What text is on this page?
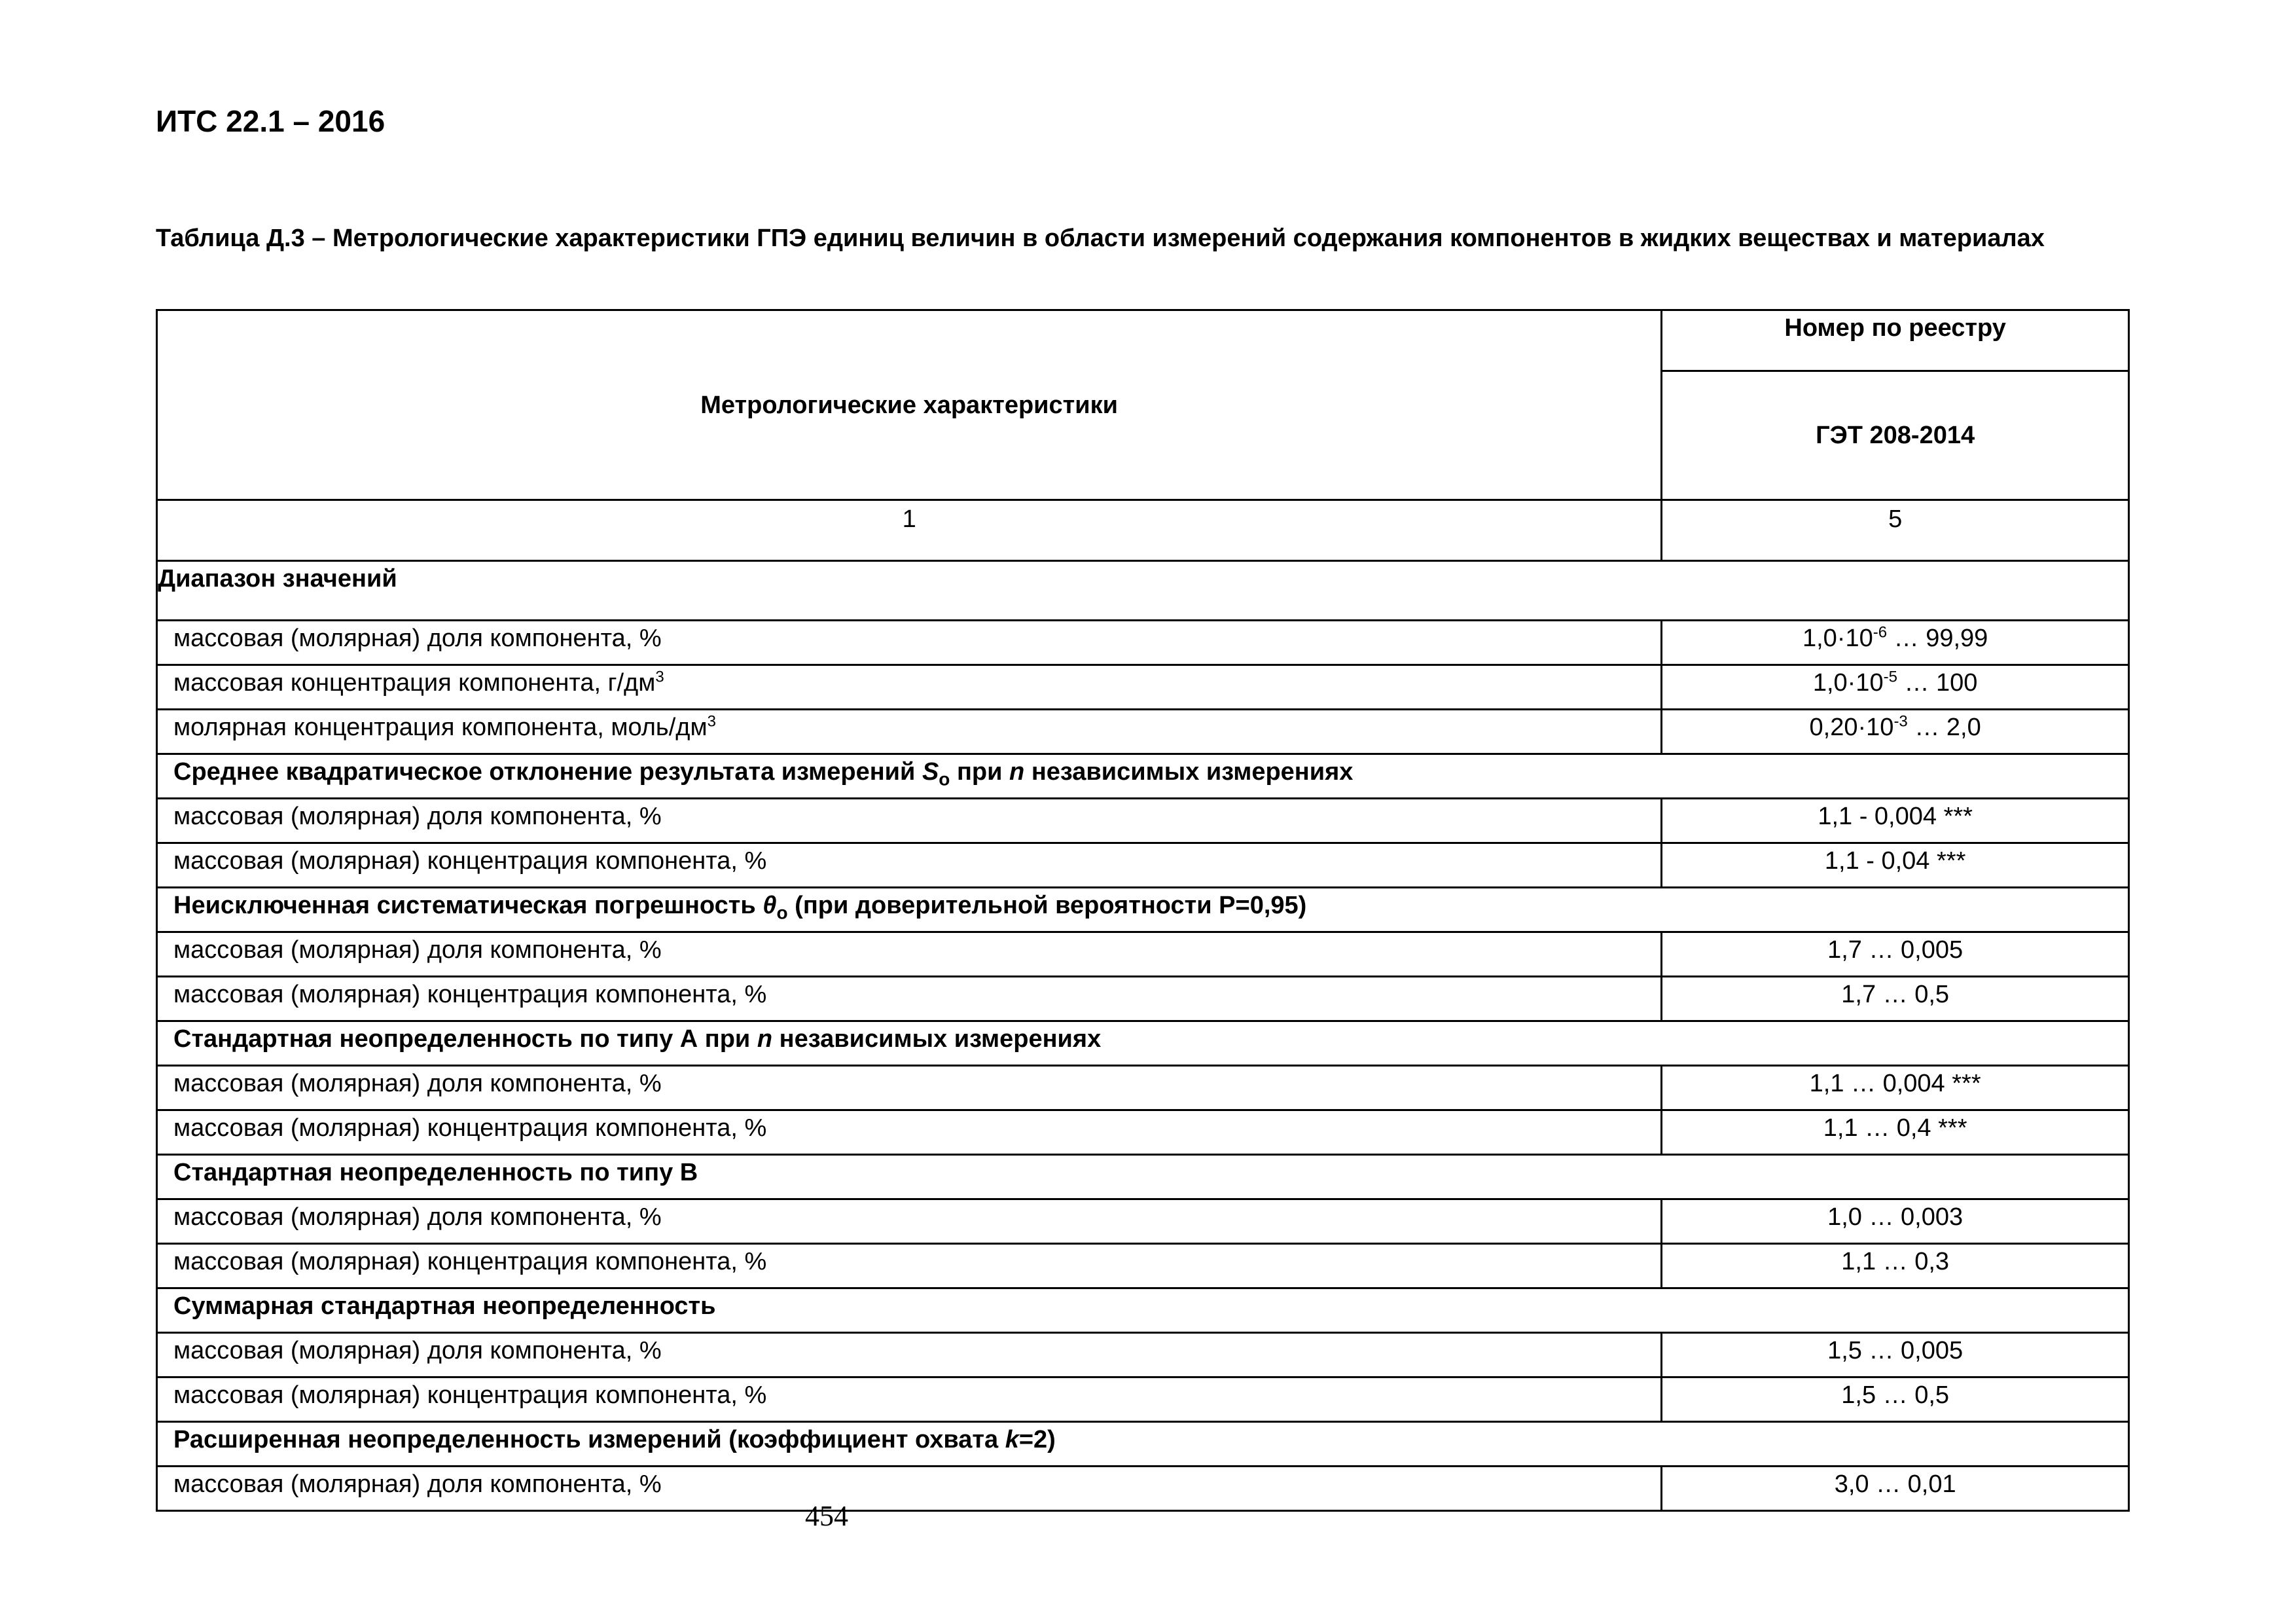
ИТС 22.1 – 2016
Таблица Д.3 – Метрологические характеристики ГПЭ единиц величин в области измерений содержания компонентов в жидких веществах и материалах
Метрологические характеристики	Номер по реестру
	ГЭТ 208-2014
1	5
Диапазон значений	
массовая (молярная) доля компонента, %	$1,0\cdot 10^{-6}$ … 99,99
массовая концентрация компонента, $г/дм^3$	$1,0\cdot 10^{-5}$ … 100
молярная концентрация компонента, моль/$дм^3$	$0,20\cdot 10^{-3}$ … 2,0
Среднее квадратическое отклонение результата измерений $S_o$ при n независимых измерениях	
массовая (молярная) доля компонента, %	1,1 - 0,004 ***
массовая (молярная) концентрация компонента, %	1,1 - 0,04 ***
Неисключенная систематическая погрешность $\theta_o$ (при доверительной вероятности Р=0,95)	
массовая (молярная) доля компонента, %	1,7 … 0,005
массовая (молярная) концентрация компонента, %	1,7 … 0,5
Стандартная неопределенность по типу А при n независимых измерениях	
массовая (молярная) доля компонента, %	1,1 … 0,004 ***
массовая (молярная) концентрация компонента, %	1,1 … 0,4 ***
Стандартная неопределенность по типу В	
массовая (молярная) доля компонента, %	1,0 … 0,003
массовая (молярная) концентрация компонента, %	1,1 … 0,3
Суммарная стандартная неопределенность	
массовая (молярная) доля компонента, %	1,5 … 0,005
массовая (молярная) концентрация компонента, %	1,5 … 0,5
Расширенная неопределенность измерений (коэффициент охвата k=2)	
массовая (молярная) доля компонента, %	3,0 … 0,01
454
